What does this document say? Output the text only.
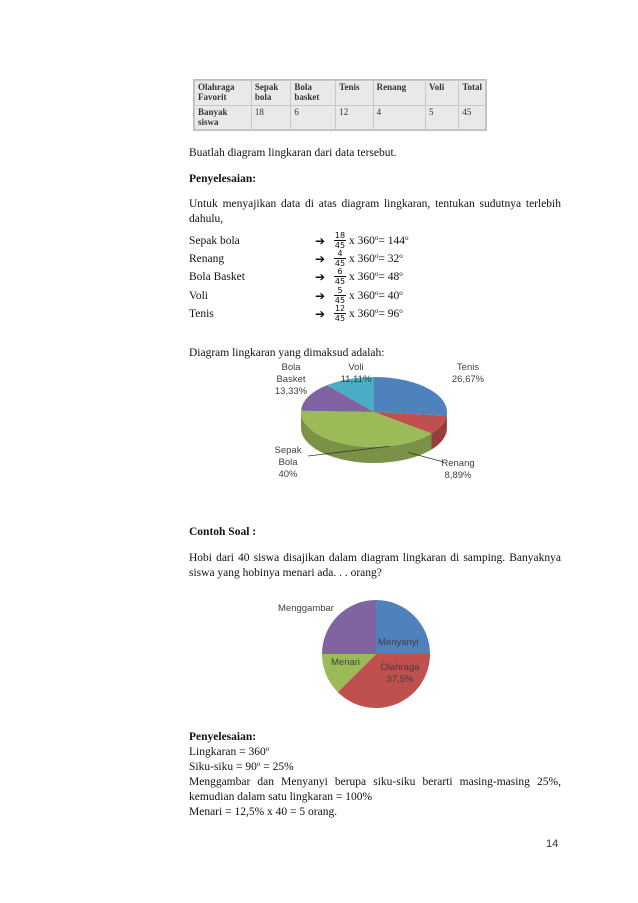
Olahraga Favorit	Sepak bola	Bola basket	Tenis	Renang	Voli	Total
Banyak siswa	18	6	12	4	5	45
Buatlah diagram lingkaran dari data tersebut.
Penyelesaian:
Untuk menyajikan data di atas diagram lingkaran, tentukan sudutnya terlebih dahulu,
Sepak bola	➔ 18
45 x $360^o= 144^o$
Renang	➔	4
45 x $360^o= 32^o$
Bola Basket	➔	6
45 x $360^o= 48^o$
Voli	➔	5
45 x $360^o= 40^o$
Tenis	➔ 12
45 x $360^o= 96^o$
Diagram lingkaran yang dimaksud adalah:
Tenis
26,67%
Renang
8,89%
Sepak
Bola
40%
Bola
Basket
13,33%
Voli
11,11%
Contoh Soal :
Hobi dari 40 siswa disajikan dalam diagram lingkaran di samping. Banyaknya siswa yang hobinya menari ada. . . orang?
Menggambar
Menyanyi
Menari	Olahraga
37,5%
Penyelesaian:
Lingkaran = $360^o$
Siku-siku = $90^o = 25\%$
Menggambar dan Menyanyi berupa siku-siku berarti masing-masing 25%, kemudian dalam satu lingkaran = 100%
Menari = 12,5% x 40 = 5 orang.
14
